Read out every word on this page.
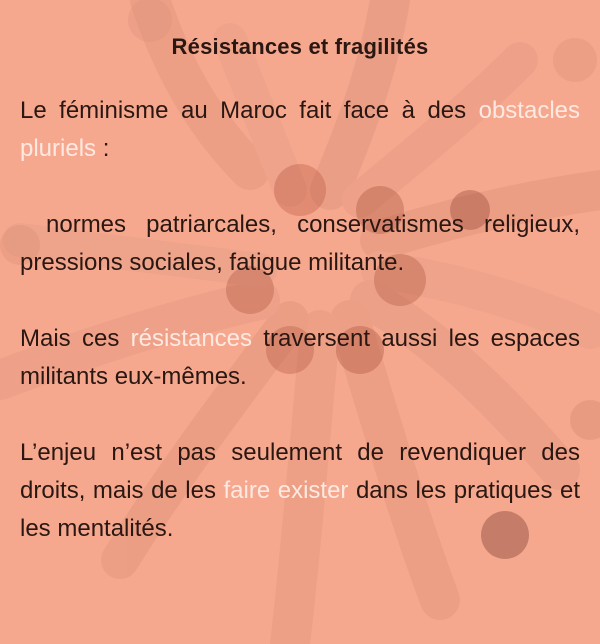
Résistances et fragilités

Le féminisme au Maroc fait face à des obstacles pluriels :

normes patriarcales, conservatismes religieux, pressions sociales, fatigue militante.

Mais ces résistances traversent aussi les espaces militants eux-mêmes.

L’enjeu n’est pas seulement de revendiquer des droits, mais de les faire exister dans les pratiques et les mentalités.
